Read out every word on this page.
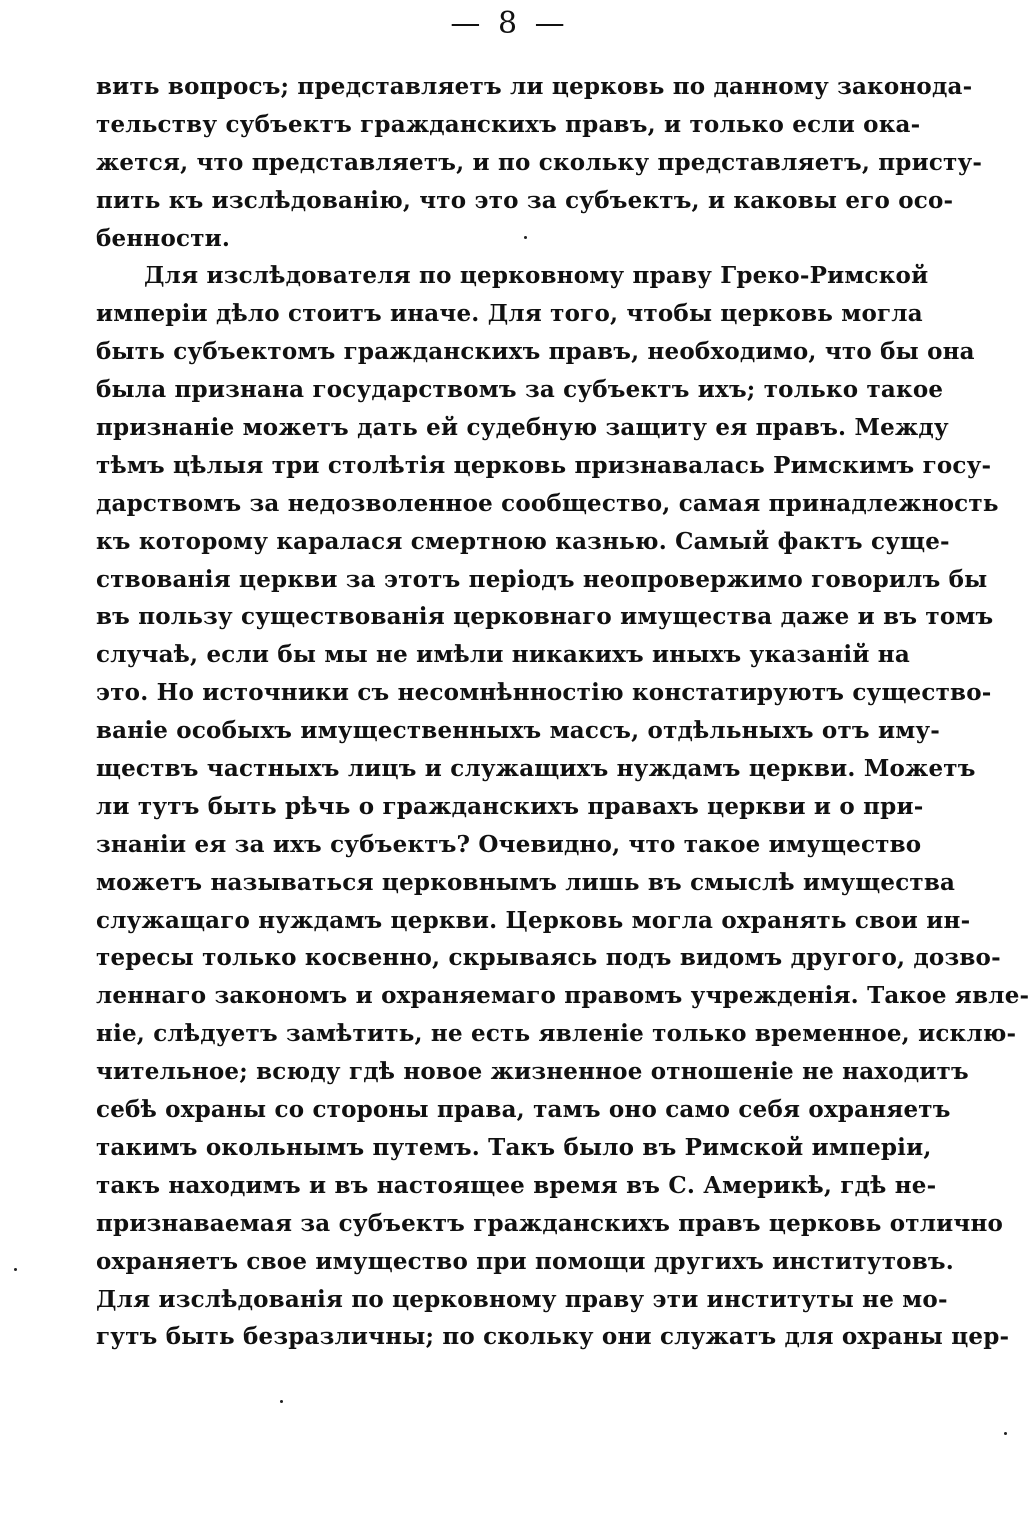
— 8 —
вить вопросъ; представляетъ ли церковь по данному законода-
тельству субъектъ гражданскихъ правъ, и только если ока-
жется, что представляетъ, и по скольку представляетъ, присту-
пить къ изслѣдованію, что это за субъектъ, и каковы его осо-
бенности.
Для изслѣдователя по церковному праву Греко-Римской
имперіи дѣло стоитъ иначе. Для того, чтобы церковь могла
быть субъектомъ гражданскихъ правъ, необходимо, что бы она
была признана государствомъ за субъектъ ихъ; только такое
признаніе можетъ дать ей судебную защиту ея правъ. Между
тѣмъ цѣлыя три столѣтія церковь признавалась Римскимъ госу-
дарствомъ за недозволенное сообщество, самая принадлежность
къ которому каралася смертною казнью. Самый фактъ суще-
ствованія церкви за этотъ періодъ неопровержимо говорилъ бы
въ пользу существованія церковнаго имущества даже и въ томъ
случаѣ, если бы мы не имѣли никакихъ иныхъ указаній на
это. Но источники съ несомнѣнностію констатируютъ существо-
ваніе особыхъ имущественныхъ массъ, отдѣльныхъ отъ иму-
ществъ частныхъ лицъ и служащихъ нуждамъ церкви. Можетъ
ли тутъ быть рѣчь о гражданскихъ правахъ церкви и о при-
знаніи ея за ихъ субъектъ? Очевидно, что такое имущество
можетъ называться церковнымъ лишь въ смыслѣ имущества
служащаго нуждамъ церкви. Церковь могла охранять свои ин-
тересы только косвенно, скрываясь подъ видомъ другого, дозво-
леннаго закономъ и охраняемаго правомъ учрежденія. Такое явле-
ніе, слѣдуетъ замѣтить, не есть явленіе только временное, исклю-
чительное; всюду гдѣ новое жизненное отношеніе не находитъ
себѣ охраны со стороны права, тамъ оно само себя охраняетъ
такимъ окольнымъ путемъ. Такъ было въ Римской имперіи,
такъ находимъ и въ настоящее время въ С. Америкѣ, гдѣ не-
признаваемая за субъектъ гражданскихъ правъ церковь отлично
охраняетъ свое имущество при помощи другихъ институтовъ.
Для изслѣдованія по церковному праву эти институты не мо-
гутъ быть безразличны; по скольку они служатъ для охраны цер-
